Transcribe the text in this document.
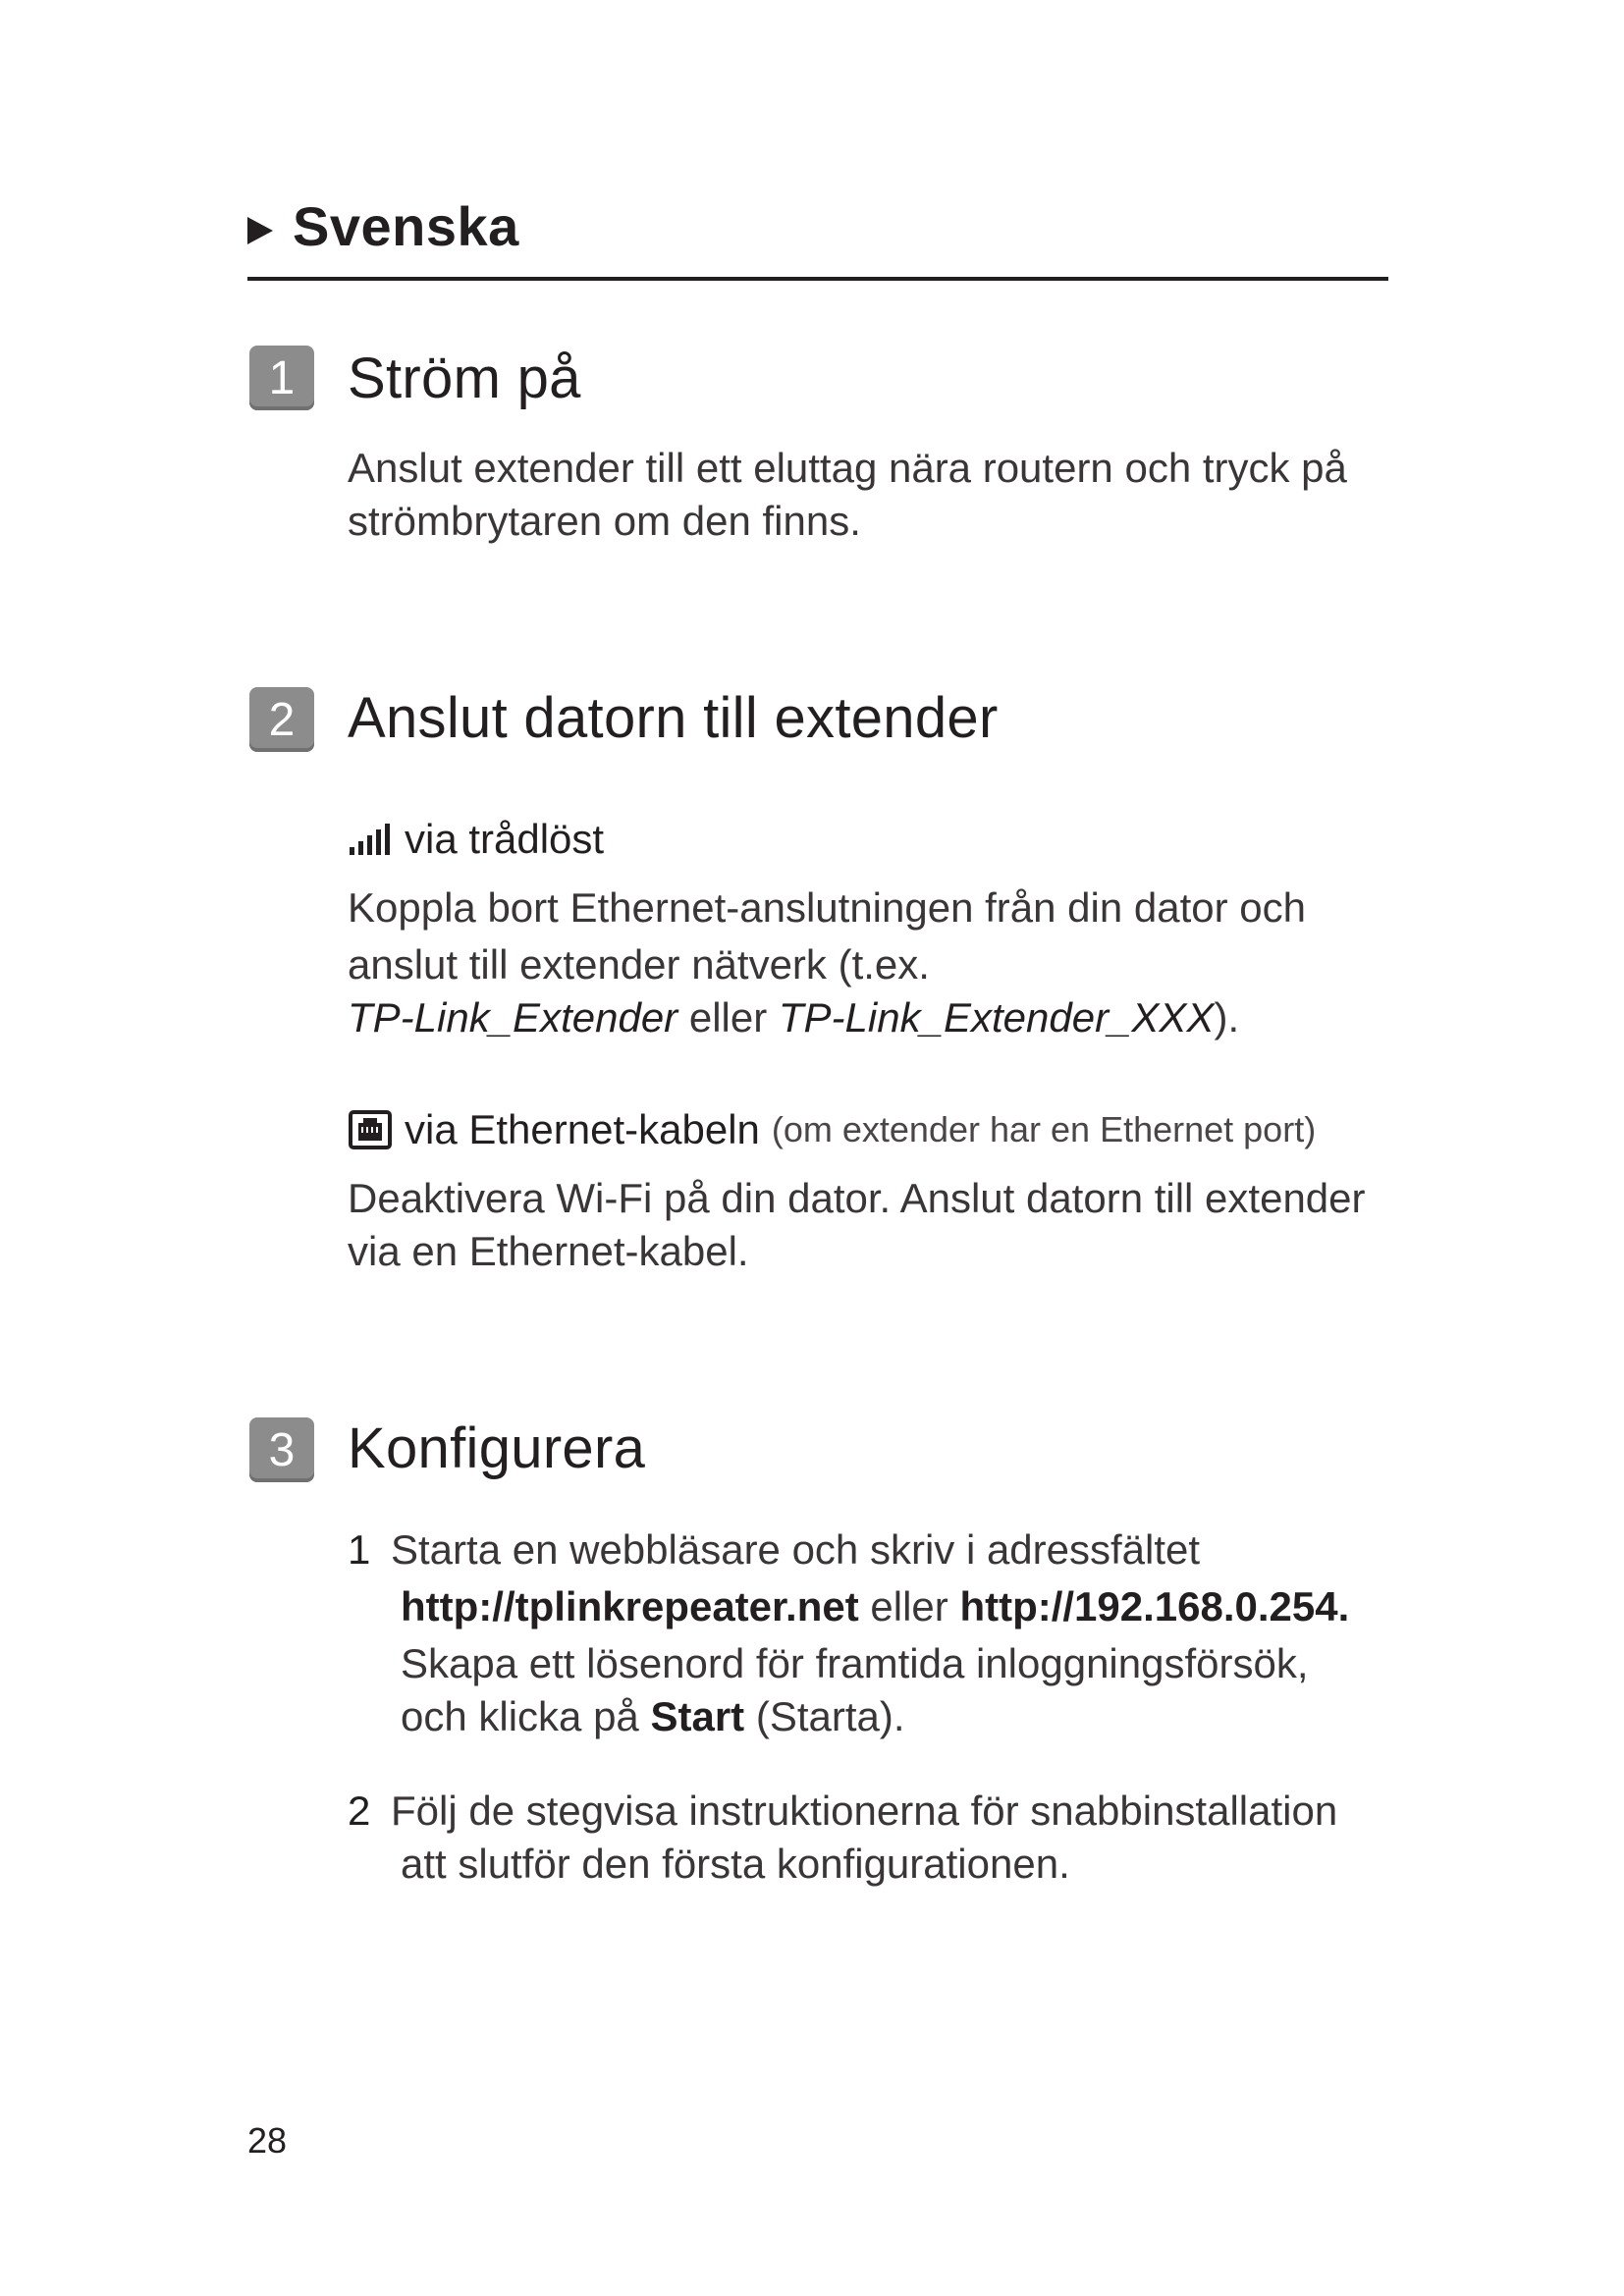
Svenska
1 Ström på
Anslut extender till ett eluttag nära routern och tryck på
strömbrytaren om den finns.
2 Anslut datorn till extender
via trådlöst
Koppla bort Ethernet-anslutningen från din dator och
anslut till extender nätverk (t.ex.
TP-Link_Extender eller TP-Link_Extender_XXX).
via Ethernet-kabeln (om extender har en Ethernet port)
Deaktivera Wi-Fi på din dator. Anslut datorn till extender
via en Ethernet-kabel.
3 Konfigurera
1 Starta en webbläsare och skriv i adressfältet
http://tplinkrepeater.net eller http://192.168.0.254.
Skapa ett lösenord för framtida inloggningsförsök,
och klicka på Start (Starta).
2 Följ de stegvisa instruktionerna för snabbinstallation
att slutför den första konfigurationen.
28
